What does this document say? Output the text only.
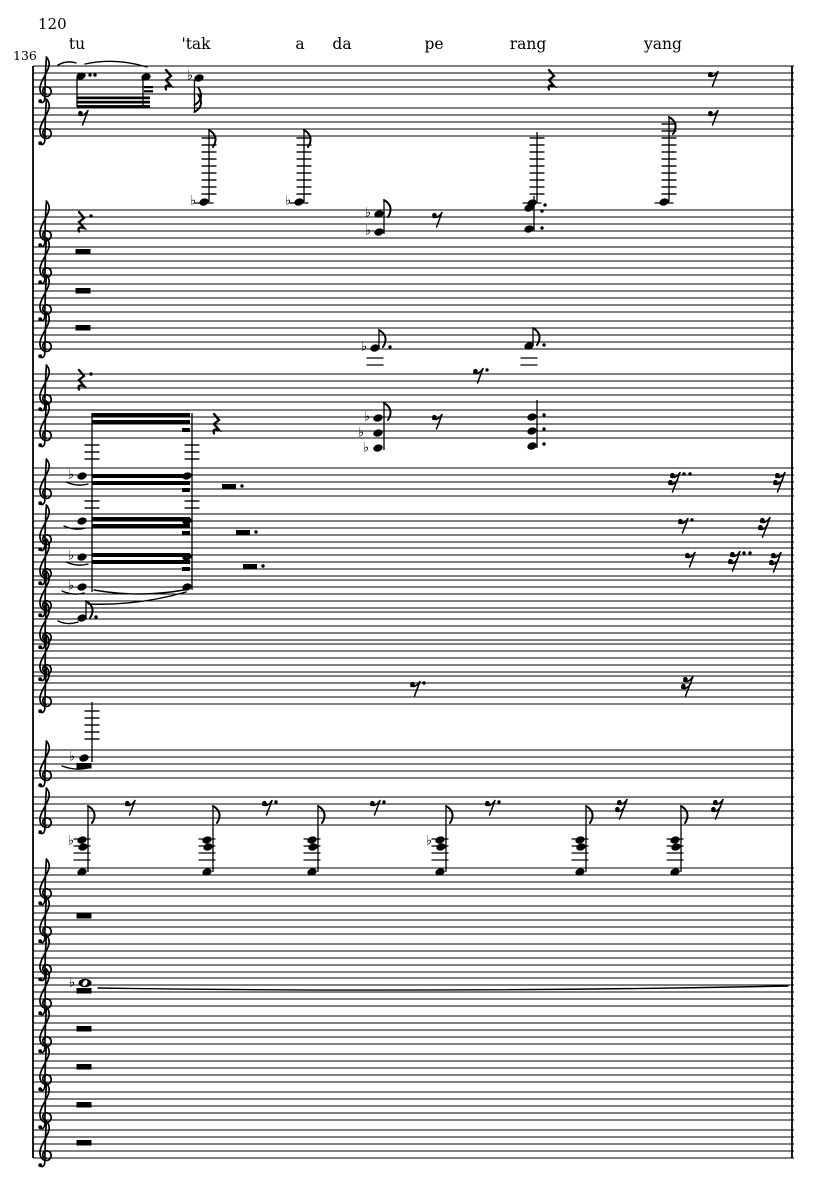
120
136
♭
♭	♭
♭
♭
♭
♭
♭
♭
♭
♭
♭
♭
♭	♭
♭
tu	'tak	a da	pe	rang	yang
